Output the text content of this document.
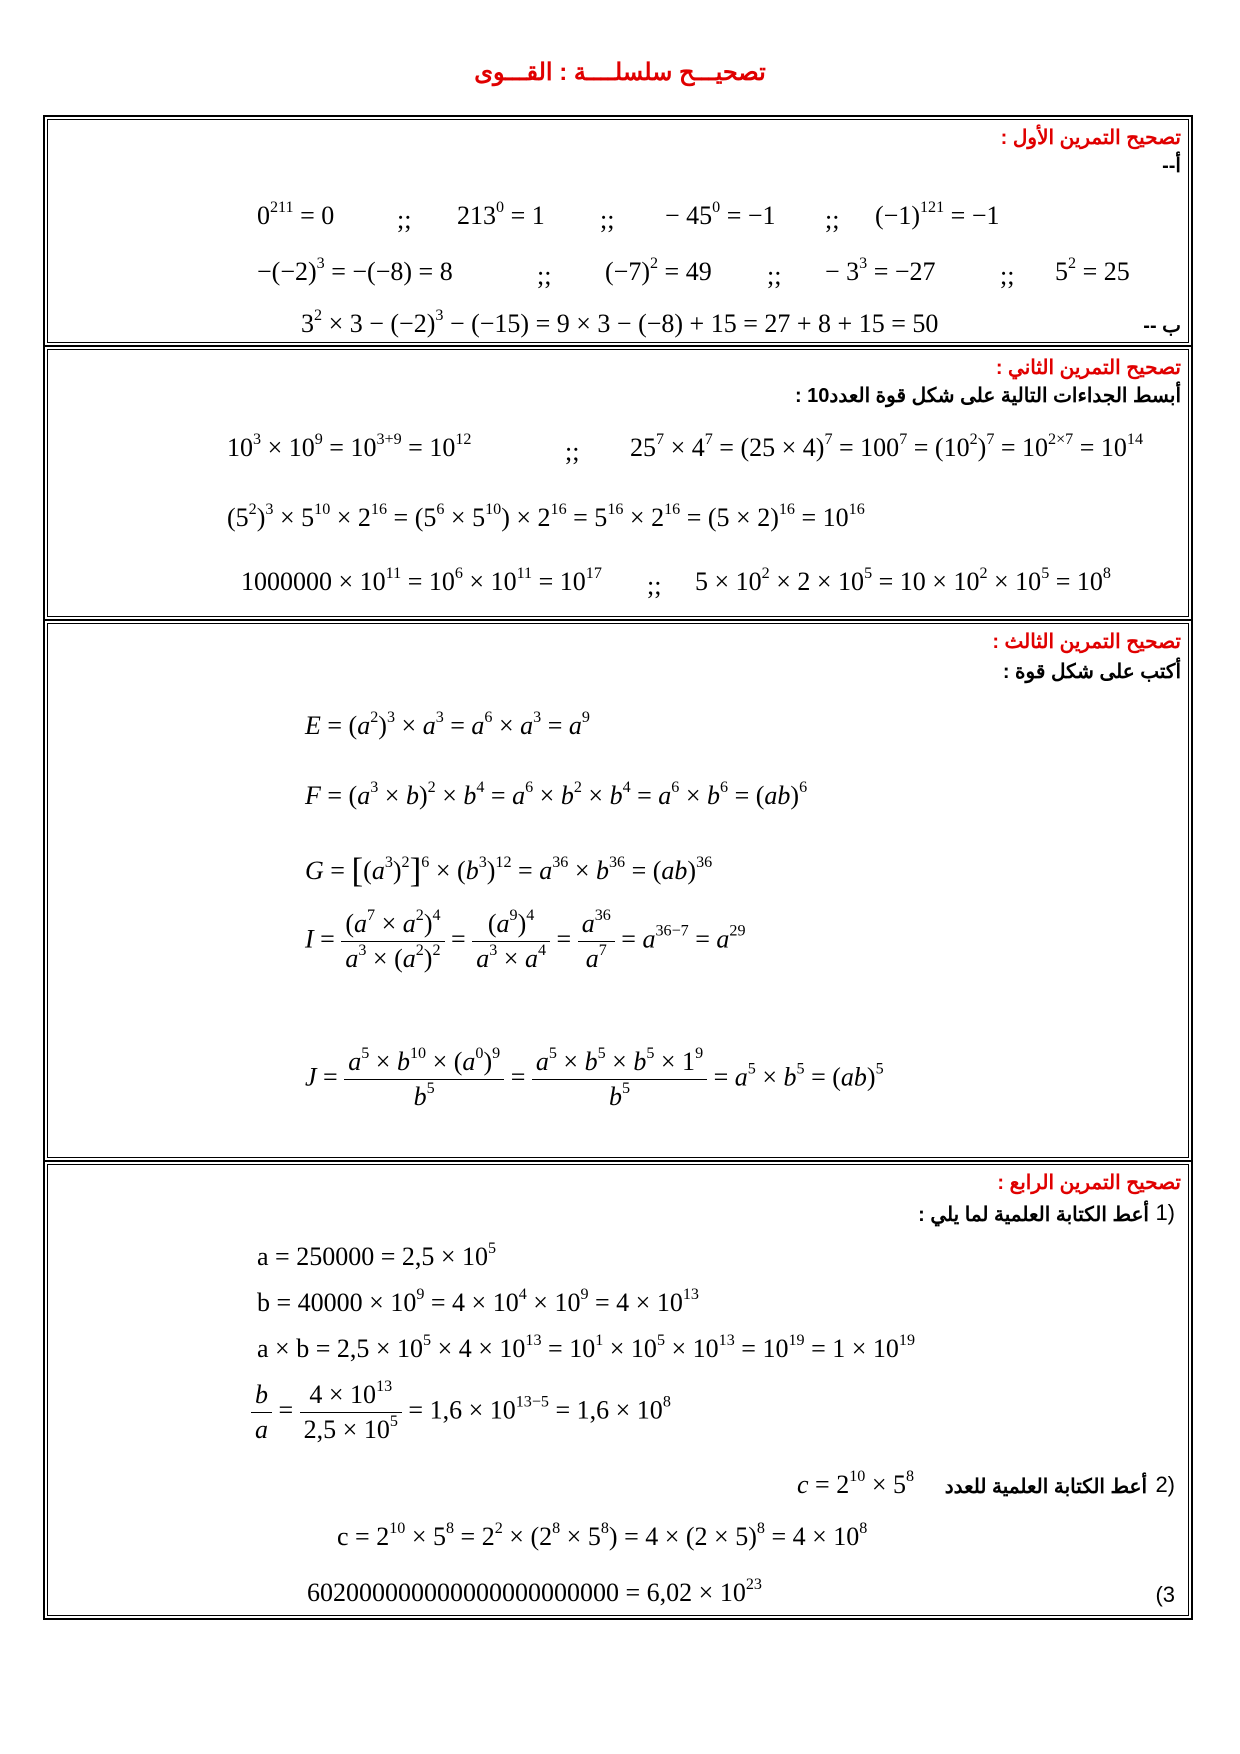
تصحيـــح سلسلــــة : القـــوى
تصحيح التمرين الأول :
أ--
$0^{211} = 0$ ;; $213^0 = 1$ ;; − $45^0 = -1$ ;; $(-1)^{121} = -1$
$-(-2)^3 = -(-8) = 8$	;; $(-7)^2 = 49$ ;; − $3^3 = -27$ ;; $5^2 = 25$
$3^2 \times 3 - (-2)^3 - (-15) = 9 \times 3 - (-8) + 15 = 27 + 8 + 15 = 50$	ب --
تصحيح التمرين الثاني :
أبسط الجداءات التالية على شكل قوة العدد10 :
$10^3 \times 10^9 = 10^{3+9} = 10^{12}$	;; $25^7 \times 4^7 = (25 \times 4)^7 = 100^7 = (10^2)^7 = 10^{2\times 7} = 10^{14}$
$(5^2)^3 \times 5^{10} \times 2^{16} = (5^6 \times 5^{10}) \times 2^{16} = 5^{16} \times 2^{16} = (5 \times 2)^{16} = 10^{16}$
$1000000 \times 10^{11} = 10^6 \times 10^{11} = 10^{17}$ ;; $5 \times 10^2 \times 2 \times 10^5 = 10 \times 10^2 \times 10^5 = 10^8$
تصحيح التمرين الثالث :
أكتب على شكل قوة :
$E = (a^2)^3 \times a^3 = a^6 \times a^3 = a^9$
$F = (a^3 \times b)^2 \times b^4 = a^6 \times b^2 \times b^4 = a^6 \times b^6 = (ab)^6$
$G = [(a^3)^2]^6 \times (b^3)^{12} = a^{36} \times b^{36} = (ab)^{36}$
$I = \frac{(a^7 \times a^2)^4}{a^3 \times (a^2)^2} = \frac{(a^9)^4}{a^3 \times a^4} = \frac{a^{36}}{a^7} = a^{36-7} = a^{29}$
$J = \frac{a^5 \times b^{10} \times (a^0)^9}{b^5} = \frac{a^5 \times b^5 \times b^5 \times 1^9}{b^5} = a^5 \times b^5 = (ab)^5$
تصحيح التمرين الرابع :
أعط الكتابة العلمية لما يلي : 1)
$a = 250000 = 2,5 \times 10^5$
$b = 40000 \times 10^9 = 4 \times 10^4 \times 10^9 = 4 \times 10^{13}$
$a \times b = 2,5 \times 10^5 \times 4 \times 10^{13} = 10^1 \times 10^5 \times 10^{13} = 10^{19} = 1 \times 10^{19}$
$\frac{b}{a} = \frac{4 \times 10^{13}}{2,5 \times 10^5} = 1,6 \times 10^{13-5} = 1,6 \times 10^8$
2)
أعط الكتابة العلمية للعدد
$c = 2^{10} \times 5^8$
$c = 2^{10} \times 5^8 = 2^2 \times (2^8 \times 5^8) = 4 \times (2 \times 5)^8 = 4 \times 10^8$
$602000000000000000000000 = 6,02 \times 10^{23}$	(3
